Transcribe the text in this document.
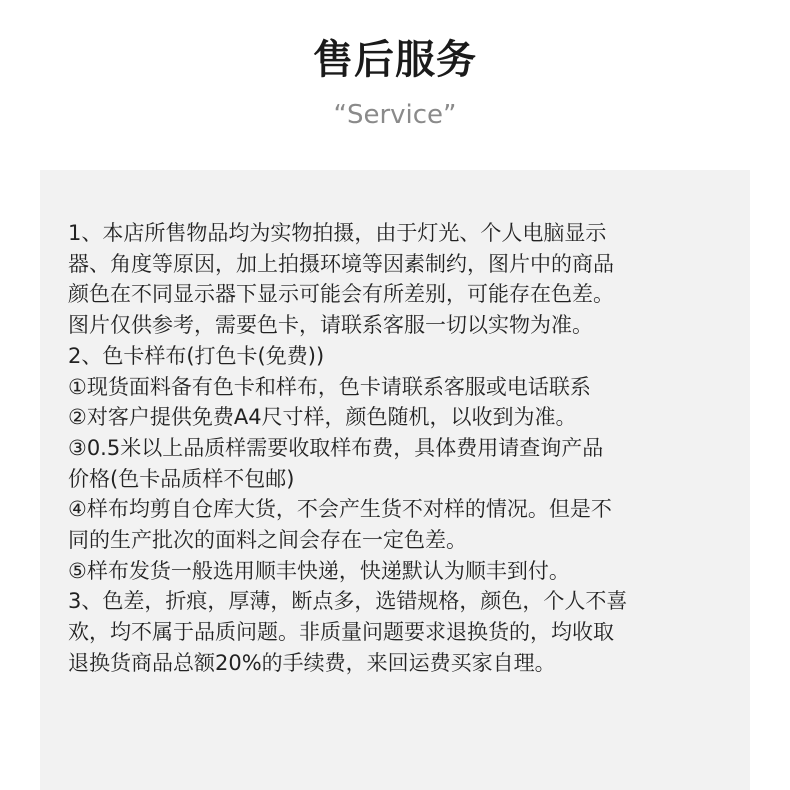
售后服务
“Service”
1、本店所售物品均为实物拍摄，由于灯光、个人电脑显示
器、角度等原因，加上拍摄环境等因素制约，图片中的商品
颜色在不同显示器下显示可能会有所差别，可能存在色差。
图片仅供参考，需要色卡，请联系客服一切以实物为准。
2、色卡样布(打色卡(免费))
①现货面料备有色卡和样布，色卡请联系客服或电话联系
②对客户提供免费A4尺寸样，颜色随机，以收到为准。
③0.5米以上品质样需要收取样布费，具体费用请查询产品
价格(色卡品质样不包邮)
④样布均剪自仓库大货，不会产生货不对样的情况。但是不
同的生产批次的面料之间会存在一定色差。
⑤样布发货一般选用顺丰快递，快递默认为顺丰到付。
3、色差，折痕，厚薄，断点多，选错规格，颜色，个人不喜
欢，均不属于品质问题。非质量问题要求退换货的，均收取
退换货商品总额20%的手续费，来回运费买家自理。
